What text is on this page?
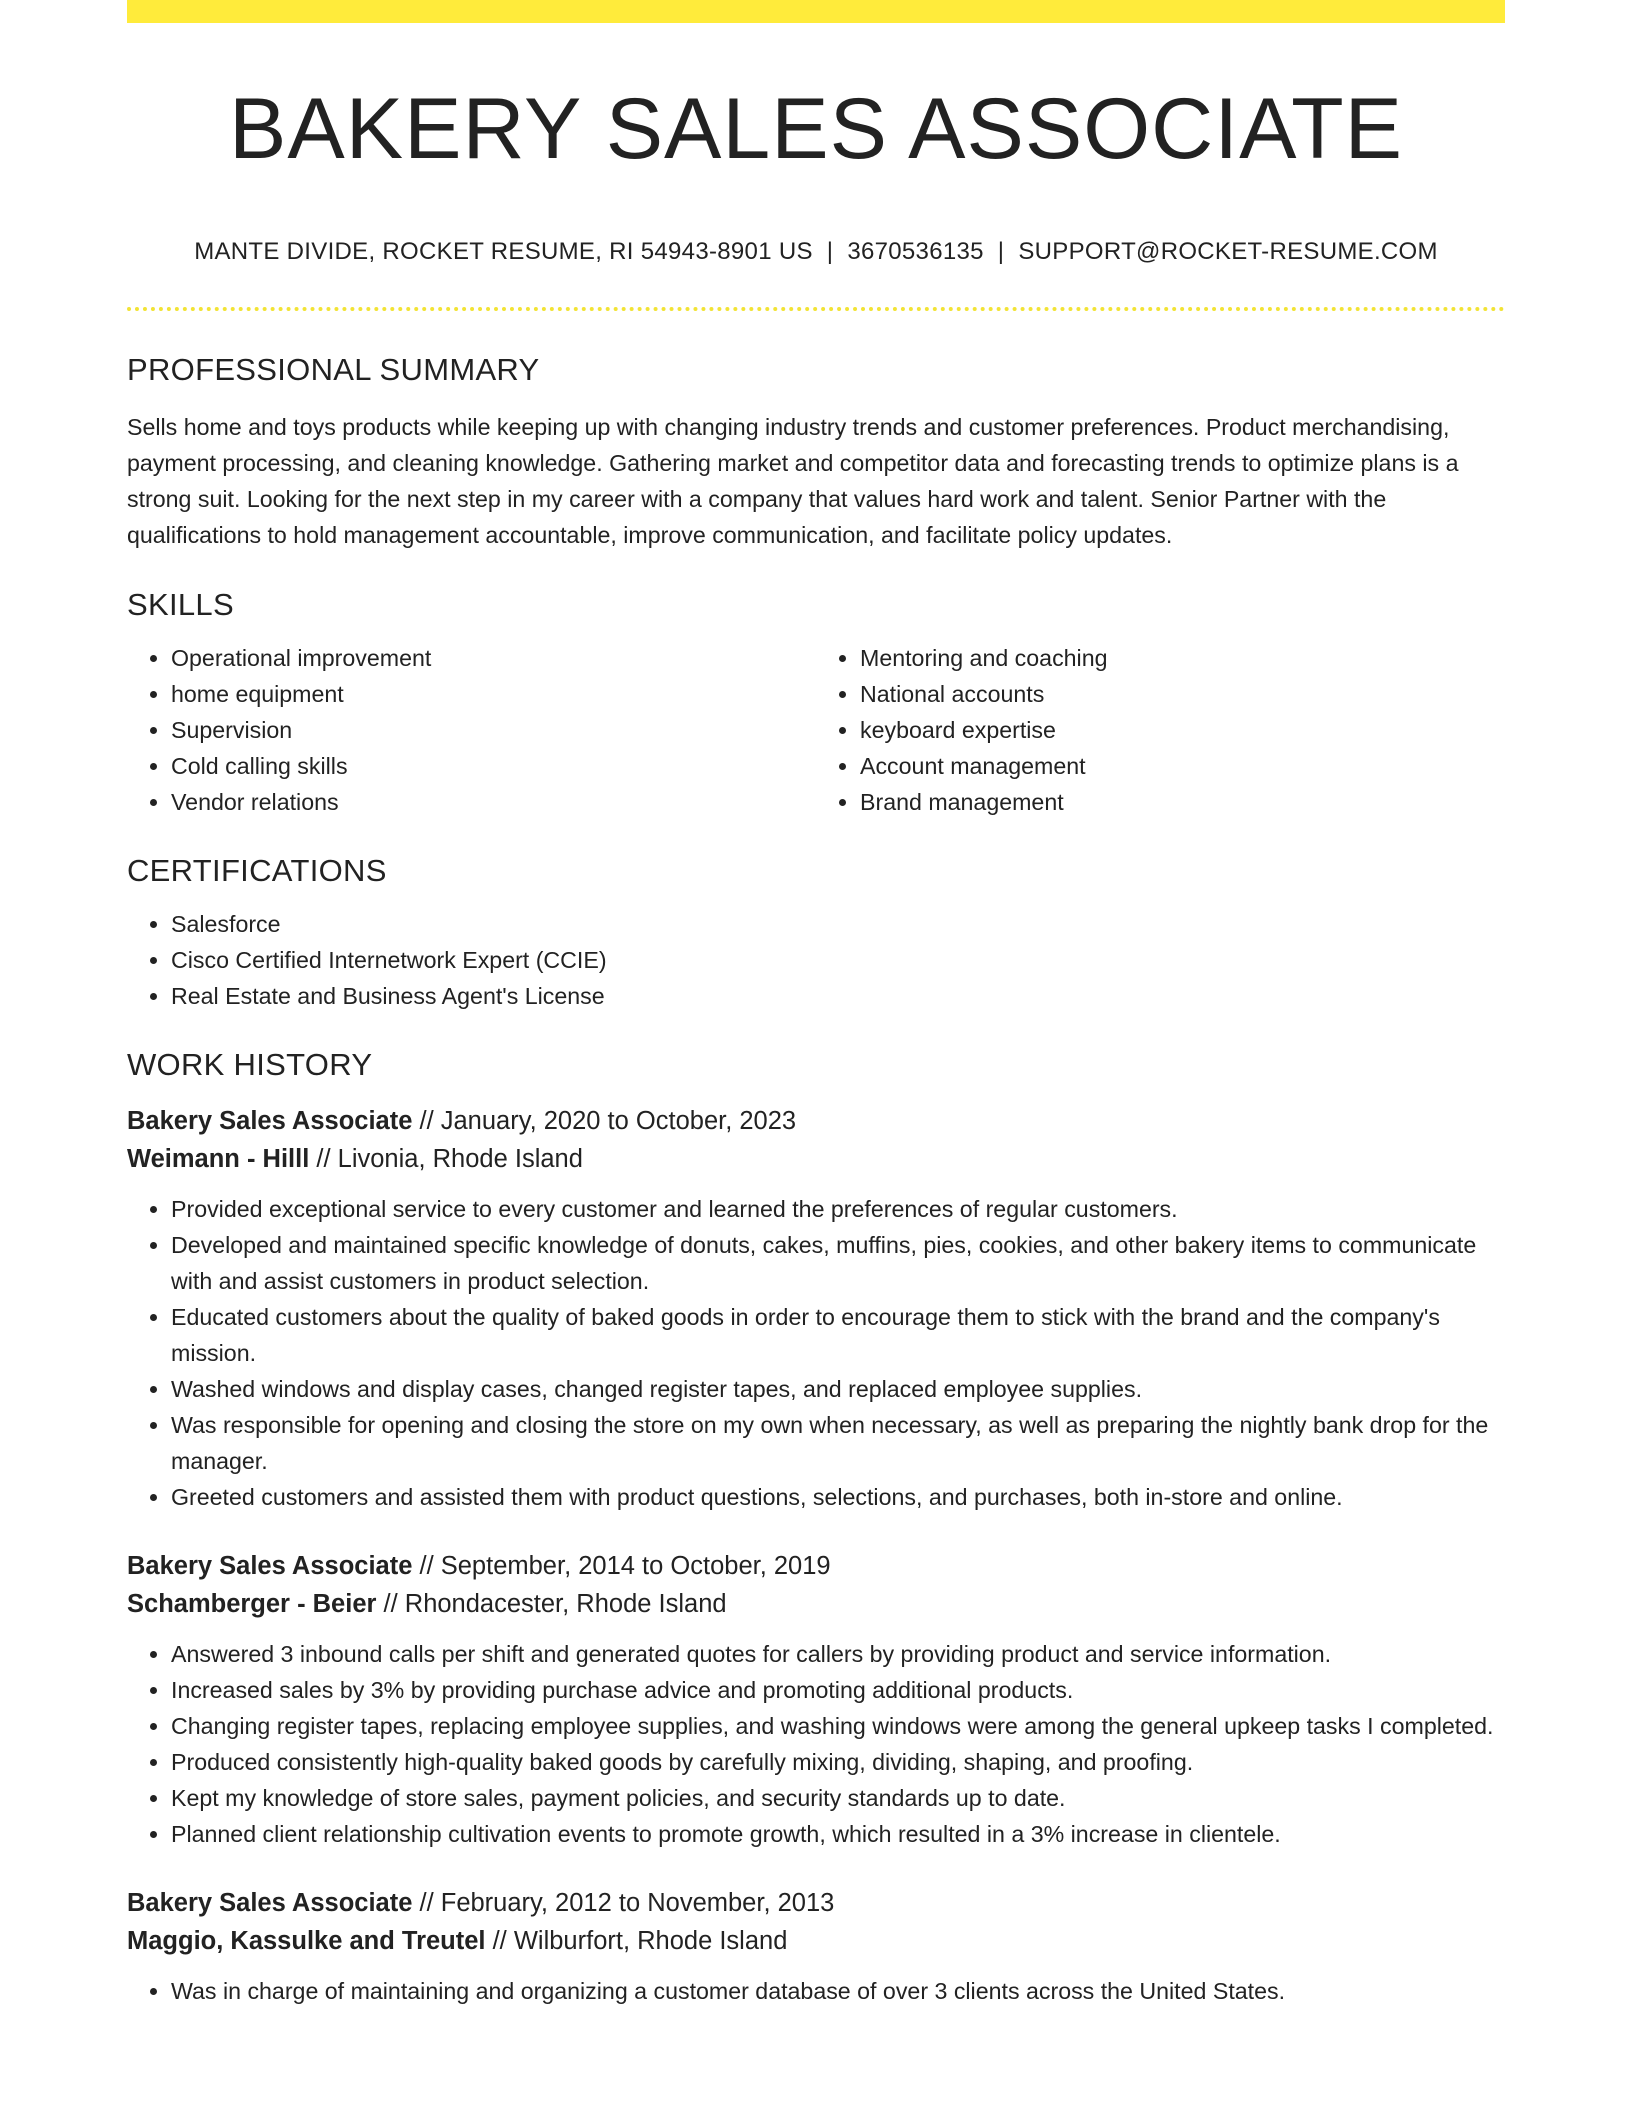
BAKERY SALES ASSOCIATE
MANTE DIVIDE, ROCKET RESUME, RI 54943-8901 US | 3670536135 | SUPPORT@ROCKET-RESUME.COM
PROFESSIONAL SUMMARY

Sells home and toys products while keeping up with changing industry trends and customer preferences. Product merchandising, payment processing, and cleaning knowledge. Gathering market and competitor data and forecasting trends to optimize plans is a strong suit. Looking for the next step in my career with a company that values hard work and talent. Senior Partner with the qualifications to hold management accountable, improve communication, and facilitate policy updates.

SKILLS
• Operational improvement
• home equipment
• Supervision
• Cold calling skills
• Vendor relations
• Mentoring and coaching
• National accounts
• keyboard expertise
• Account management
• Brand management
CERTIFICATIONS
• Salesforce
• Cisco Certified Internetwork Expert (CCIE)
• Real Estate and Business Agent's License
WORK HISTORY
Bakery Sales Associate // January, 2020 to October, 2023
Weimann - Hilll // Livonia, Rhode Island
• Provided exceptional service to every customer and learned the preferences of regular customers.
• Developed and maintained specific knowledge of donuts, cakes, muffins, pies, cookies, and other bakery items to communicate with and assist customers in product selection.
• Educated customers about the quality of baked goods in order to encourage them to stick with the brand and the company's mission.
• Washed windows and display cases, changed register tapes, and replaced employee supplies.
• Was responsible for opening and closing the store on my own when necessary, as well as preparing the nightly bank drop for the manager.
• Greeted customers and assisted them with product questions, selections, and purchases, both in-store and online.
Bakery Sales Associate // September, 2014 to October, 2019
Schamberger - Beier // Rhondacester, Rhode Island
• Answered 3 inbound calls per shift and generated quotes for callers by providing product and service information.
• Increased sales by 3% by providing purchase advice and promoting additional products.
• Changing register tapes, replacing employee supplies, and washing windows were among the general upkeep tasks I completed.
• Produced consistently high-quality baked goods by carefully mixing, dividing, shaping, and proofing.
• Kept my knowledge of store sales, payment policies, and security standards up to date.
• Planned client relationship cultivation events to promote growth, which resulted in a 3% increase in clientele.
Bakery Sales Associate // February, 2012 to November, 2013
Maggio, Kassulke and Treutel // Wilburfort, Rhode Island
• Was in charge of maintaining and organizing a customer database of over 3 clients across the United States.
